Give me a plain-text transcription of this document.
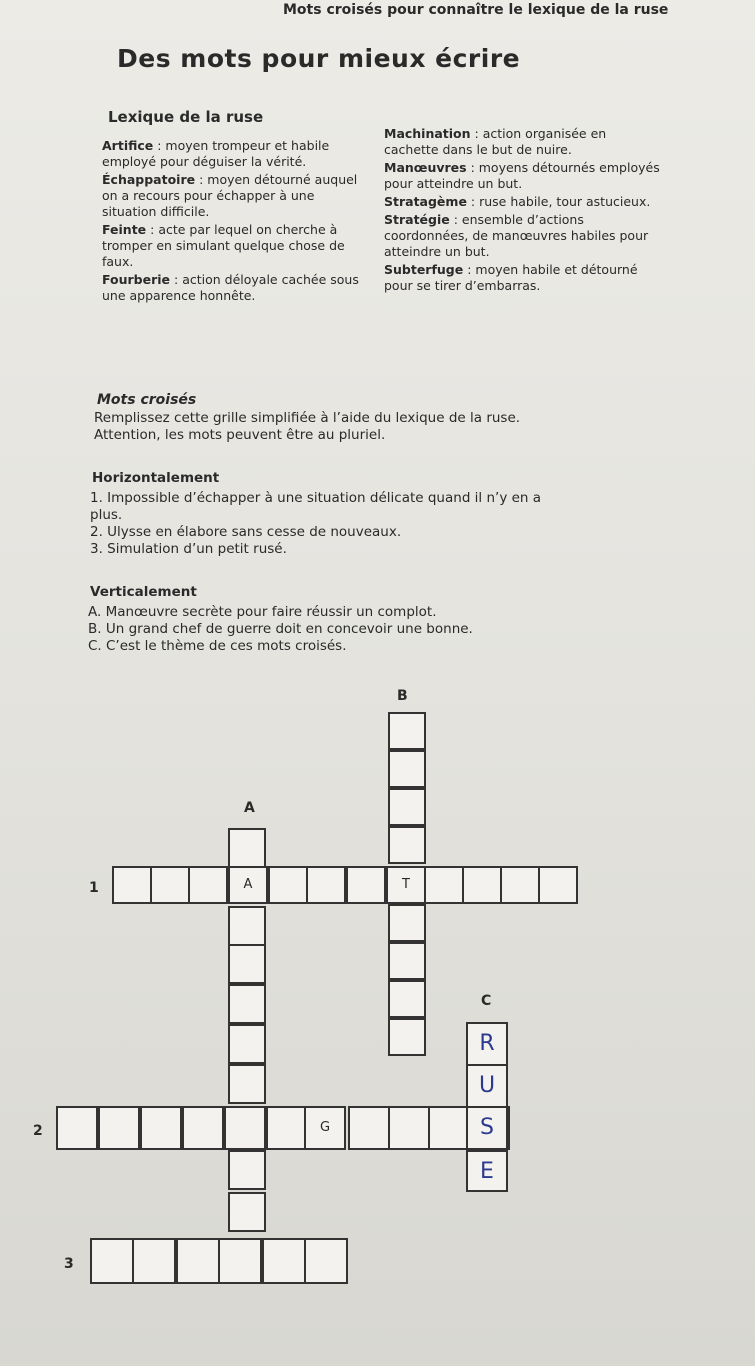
Mots croisés pour connaître le lexique de la ruse
Des mots pour mieux écrire
Lexique de la ruse

Artifice : moyen trompeur et habile employé pour déguiser la vérité.

Échappatoire : moyen détourné auquel on a recours pour échapper à une situation difficile.

Feinte : acte par lequel on cherche à tromper en simulant quelque chose de faux.

Fourberie : action déloyale cachée sous une apparence honnête.

Machination : action organisée en cachette dans le but de nuire.

Manœuvres : moyens détournés employés pour atteindre un but.

Stratagème : ruse habile, tour astucieux.

Stratégie : ensemble d’actions coordonnées, de manœuvres habiles pour atteindre un but.

Subterfuge : moyen habile et détourné pour se tirer d’embarras.

Mots croisés
Remplissez cette grille simplifiée à l’aide du lexique de la ruse.
Attention, les mots peuvent être au pluriel.
Horizontalement
1. Impossible d’échapper à une situation délicate quand il n’y en a
plus.
2. Ulysse en élabore sans cesse de nouveaux.
3. Simulation d’un petit rusé.
Verticalement
A. Manœuvre secrète pour faire réussir un complot.
B. Un grand chef de guerre doit en concevoir une bonne.
C. C’est le thème de ces mots croisés.
B
A
C
1
2
3
A	T
G
R
U
S
E
